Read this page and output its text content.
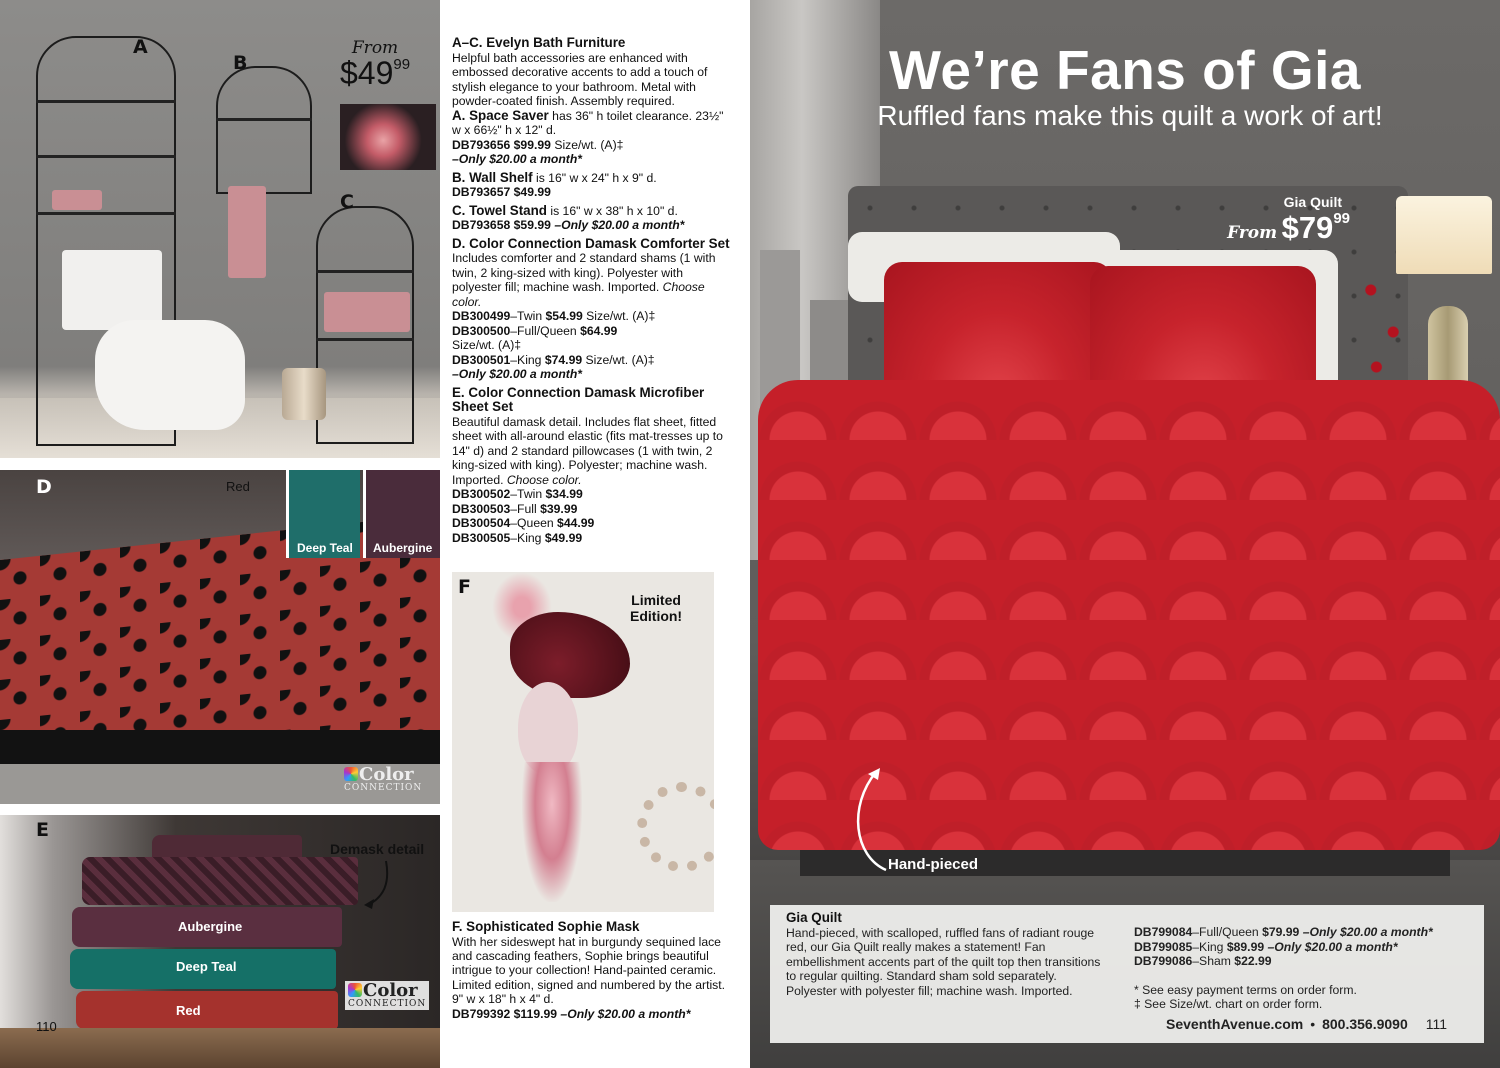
A
B
C
From
$\$49^{99}$
D	Red
Deep Teal Aubergine
Color
CONNECTION
E
Demask detail
Aubergine
Deep Teal
Red
Color
CONNECTION
F
Limited
Edition!
A–C. Evelyn Bath Furniture

Helpful bath accessories are enhanced with embossed decorative accents to add a touch of stylish elegance to your bathroom. Metal with powder-coated finish. Assembly required.

A. Space Saver has 36" h toilet clearance. 23½" w x 66½" h x 12" d.

DB793656 $99.99 Size/wt. (A)‡

–Only $20.00 a month*

B. Wall Shelf is 16" w x 24" h x 9" d.

DB793657 $49.99

C. Towel Stand is 16" w x 38" h x 10" d.

DB793658 $59.99 –Only $20.00 a month*

D. Color Connection Damask Comforter Set

Includes comforter and 2 standard shams (1 with twin, 2 king-sized with king). Polyester with polyester fill; machine wash. Imported. Choose color.

DB300499–Twin $54.99 Size/wt. (A)‡

DB300500–Full/Queen $64.99

Size/wt. (A)‡

DB300501–King $74.99 Size/wt. (A)‡

–Only $20.00 a month*

E. Color Connection Damask Microfiber Sheet Set

Beautiful damask detail. Includes flat sheet, fitted sheet with all-around elastic (fits mat-tresses up to 14" d) and 2 standard pillowcases (1 with twin, 2 king-sized with king). Polyester; machine wash. Imported. Choose color.

DB300502–Twin $34.99

DB300503–Full $39.99

DB300504–Queen $44.99

DB300505–King $49.99

F. Sophisticated Sophie Mask

With her sideswept hat in burgundy sequined lace and cascading feathers, Sophie brings beautiful intrigue to your collection! Hand-painted ceramic. Limited edition, signed and numbered by the artist. 9" w x 18" h x 4" d.

DB799392 $119.99 –Only $20.00 a month*

110
Hand-pieced
We’re Fans of Gia
Ruffled fans make this quilt a work of art!
Gia Quilt
From $\$79^{99}$
Gia Quilt

Hand-pieced, with scalloped, ruffled fans of radiant rouge red, our Gia Quilt really makes a statement! Fan embellishment accents part of the quilt top then transitions to regular quilting. Standard sham sold separately. Polyester with polyester fill; machine wash. Imported.

DB799084–Full/Queen $79.99 –Only $20.00 a month*

DB799085–King $89.99 –Only $20.00 a month*

DB799086–Sham $22.99

* See easy payment terms on order form.

‡ See Size/wt. chart on order form.

SeventhAvenue.com • 800.356.9090 111
